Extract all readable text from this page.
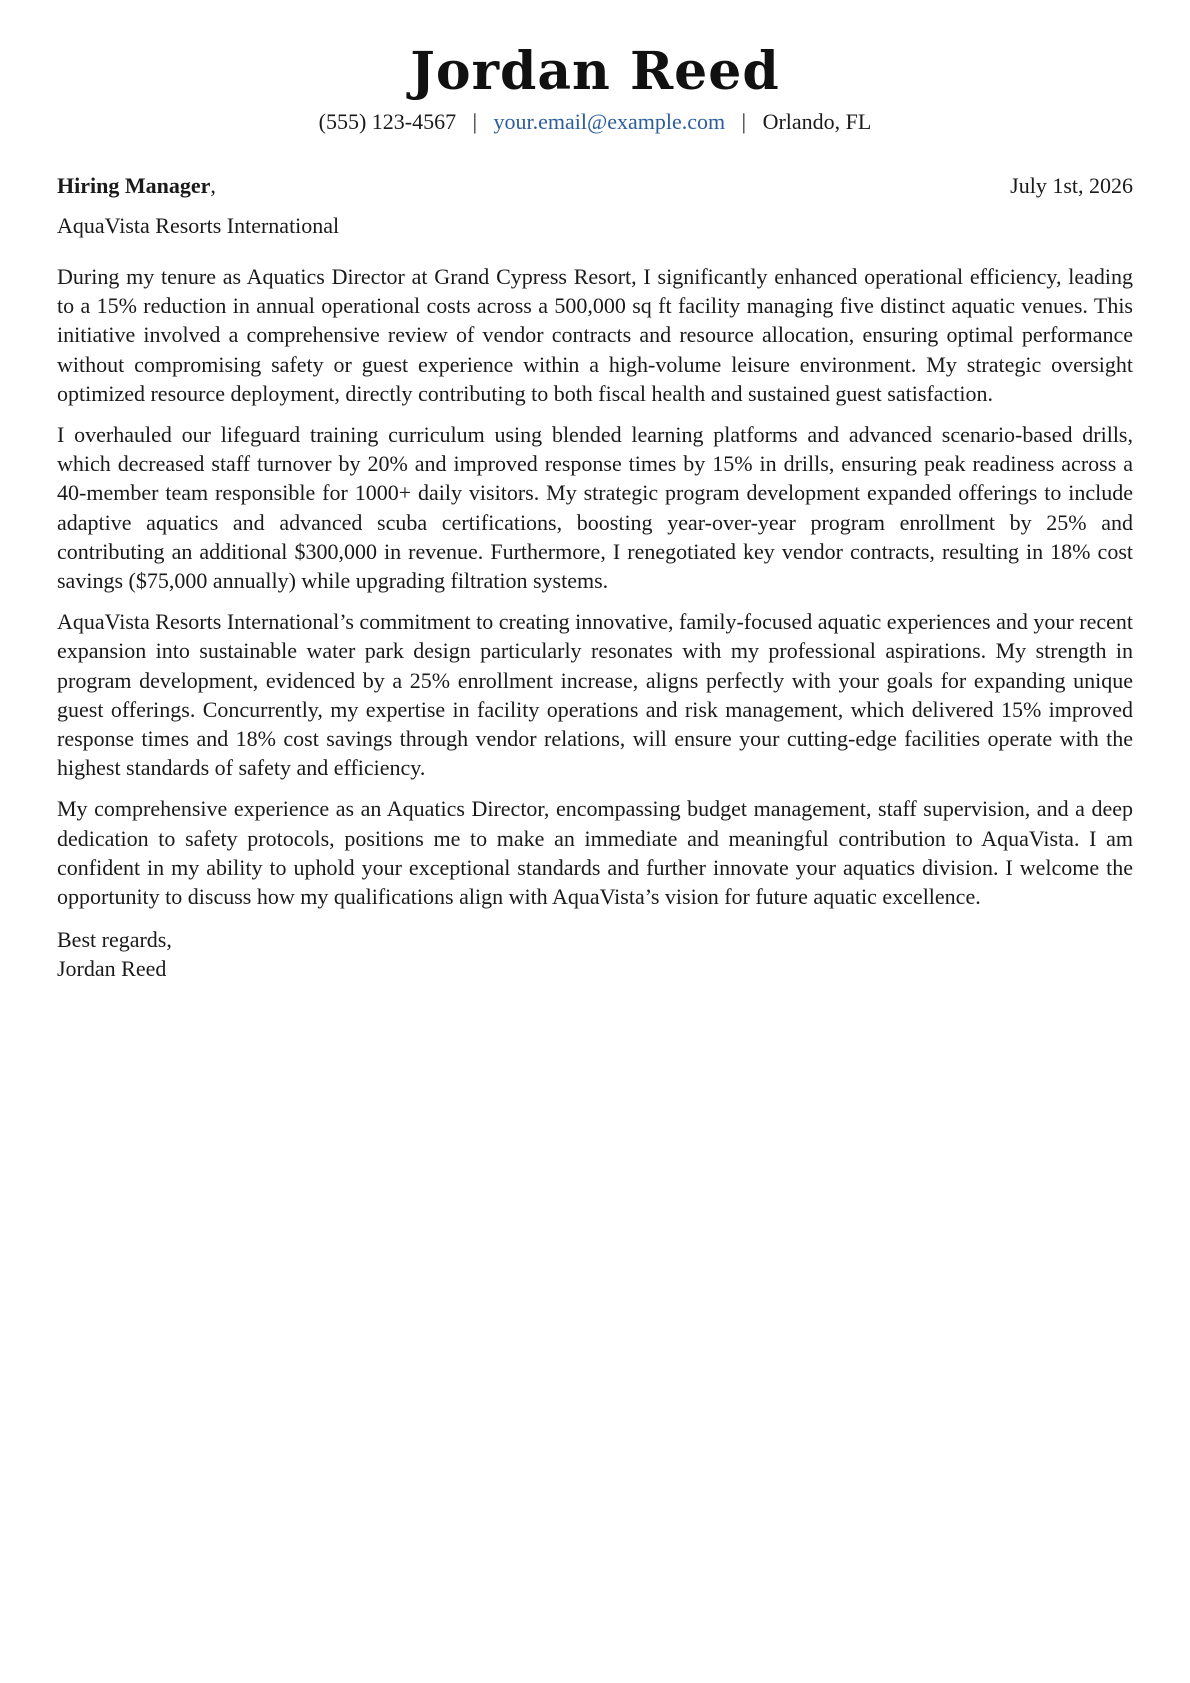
Jordan Reed
(555) 123-4567 | your.email@example.com | Orlando, FL
Hiring Manager,	July 1st, 2026
AquaVista Resorts International

During my tenure as Aquatics Director at Grand Cypress Resort, I significantly enhanced operational efficiency, leading to a 15% reduction in annual operational costs across a 500,000 sq ft facility managing five distinct aquatic venues. This initiative involved a comprehensive review of vendor contracts and resource allocation, ensuring optimal performance without compromising safety or guest experience within a high-volume leisure environment. My strategic oversight optimized resource deployment, directly contributing to both fiscal health and sustained guest satisfaction.

I overhauled our lifeguard training curriculum using blended learning platforms and advanced scenario-based drills, which decreased staff turnover by 20% and improved response times by 15% in drills, ensuring peak readiness across a 40-member team responsible for 1000+ daily visitors. My strategic program development expanded offerings to include adaptive aquatics and advanced scuba certifications, boosting year-over-year program enrollment by 25% and contributing an additional $300,000 in revenue. Furthermore, I renegotiated key vendor contracts, resulting in 18% cost savings ($75,000 annually) while upgrading filtration systems.

AquaVista Resorts International’s commitment to creating innovative, family-focused aquatic experiences and your recent expansion into sustainable water park design particularly resonates with my professional aspirations. My strength in program development, evidenced by a 25% enrollment increase, aligns perfectly with your goals for expanding unique guest offerings. Concurrently, my expertise in facility operations and risk management, which delivered 15% improved response times and 18% cost savings through vendor relations, will ensure your cutting-edge facilities operate with the highest standards of safety and efficiency.

My comprehensive experience as an Aquatics Director, encompassing budget management, staff supervision, and a deep dedication to safety protocols, positions me to make an immediate and meaningful contribution to AquaVista. I am confident in my ability to uphold your exceptional standards and further innovate your aquatics division. I welcome the opportunity to discuss how my qualifications align with AquaVista’s vision for future aquatic excellence.

Best regards,
Jordan Reed
